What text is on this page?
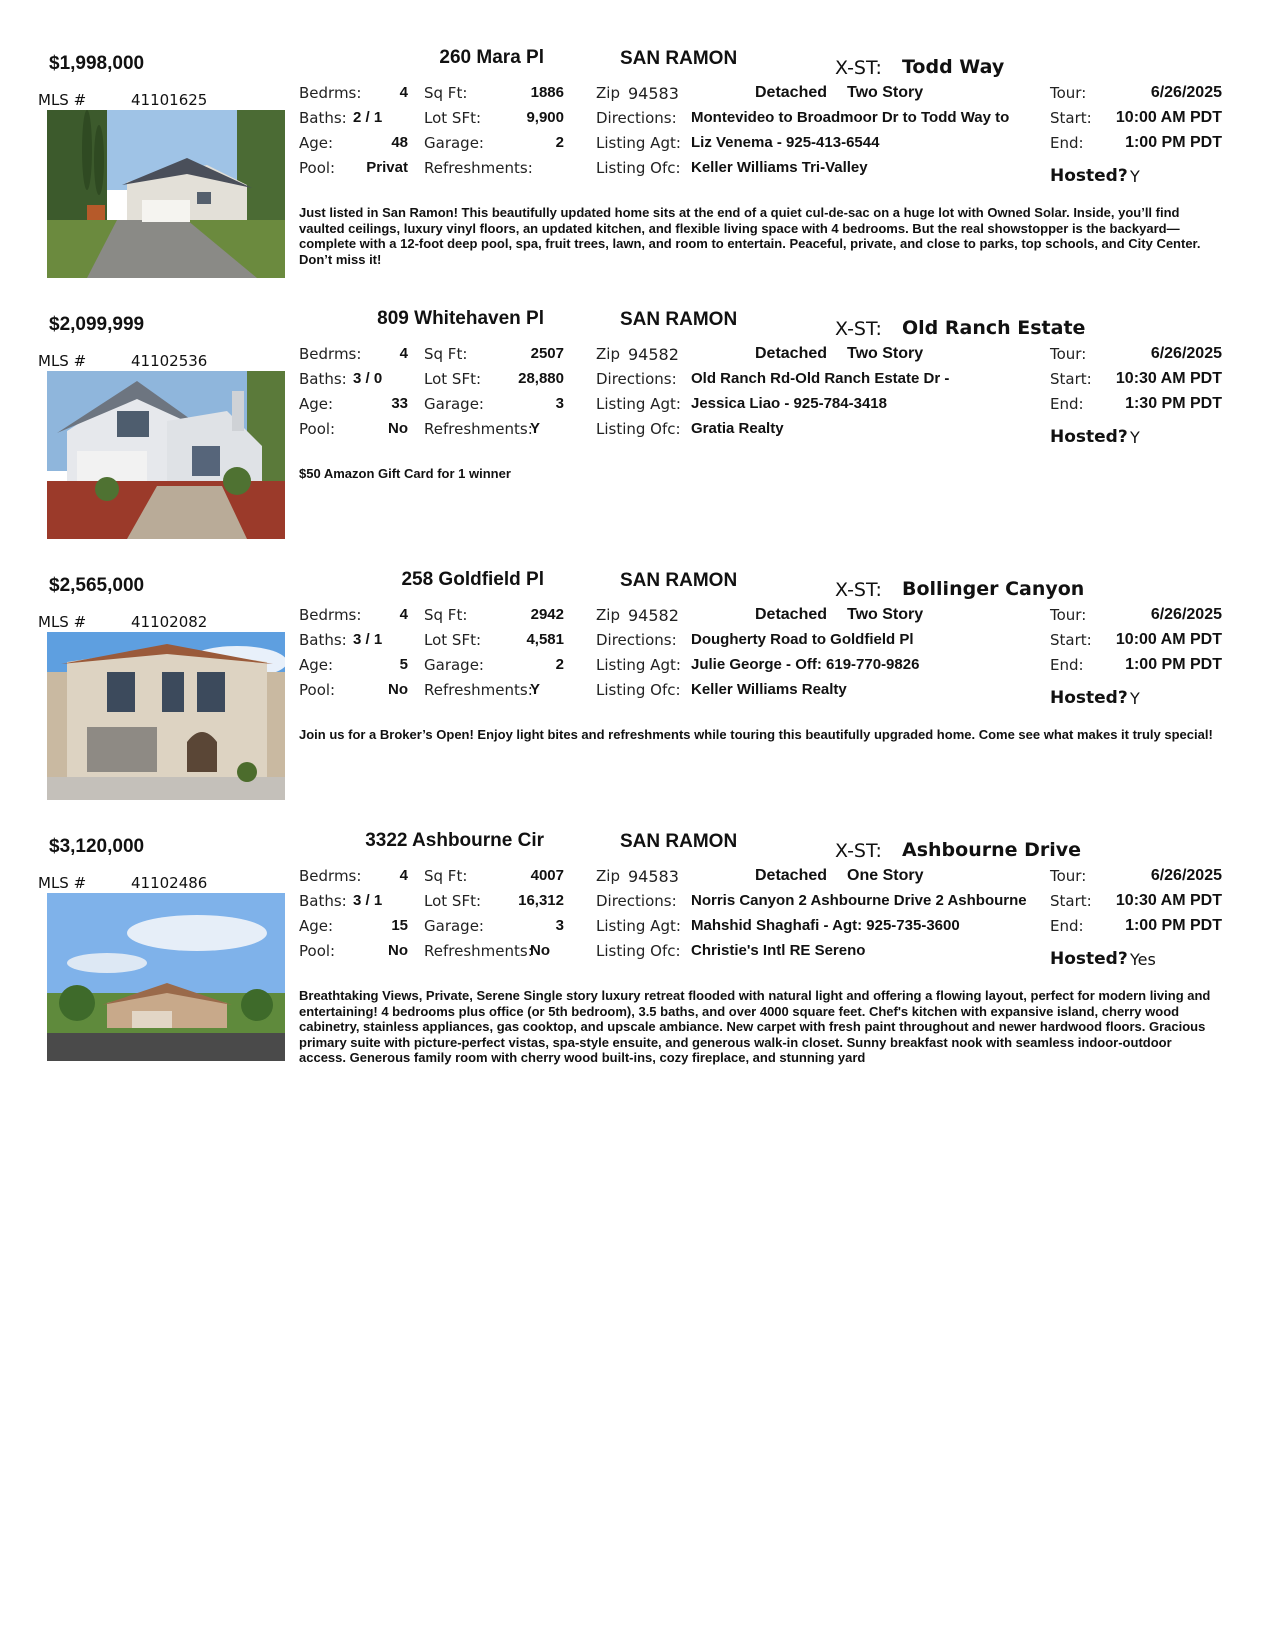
$1,998,000	260 Mara Pl	SAN RAMON	X-ST: Todd Way
MLS #	41101625	Bedrms:	4
Baths: 2 / 1
Age:	48
Pool:	Privat
Sq Ft:	1886
Lot SFt:	9,900
Garage:	2
Refreshments:
Zip 94583	Detached Two Story
Directions: Montevideo to Broadmoor Dr to Todd Way to
Listing Agt: Liz Venema - 925-413-6544
Listing Ofc: Keller Williams Tri-Valley
Tour:	6/26/2025
Start:	10:00 AM PDT
End:	1:00 PM PDT
Hosted? Y
Just listed in San Ramon! This beautifully updated home sits at the end of a quiet cul-de-sac on a huge lot with Owned Solar. Inside, you’ll find vaulted ceilings, luxury vinyl floors, an updated kitchen, and flexible living space with 4 bedrooms. But the real showstopper is the backyard—complete with a 12-foot deep pool, spa, fruit trees, lawn, and room to entertain. Peaceful, private, and close to parks, top schools, and City Center. Don’t miss it!
$2,099,999	809 Whitehaven Pl	SAN RAMON	X-ST: Old Ranch Estate
MLS #	41102536	Bedrms:	4
Baths: 3 / 0
Age:	33
Pool:	No
Sq Ft:	2507
Lot SFt:	28,880
Garage:	3
Refreshments:
Y
Zip 94582	Detached Two Story
Directions: Old Ranch Rd-Old Ranch Estate Dr -
Listing Agt: Jessica Liao - 925-784-3418
Listing Ofc: Gratia Realty
Tour:	6/26/2025
Start:	10:30 AM PDT
End:	1:30 PM PDT
Hosted? Y
$50 Amazon Gift Card for 1 winner
$2,565,000	258 Goldfield Pl	SAN RAMON	X-ST: Bollinger Canyon
MLS #	41102082	Bedrms:	4
Baths: 3 / 1
Age:	5
Pool:	No
Sq Ft:	2942
Lot SFt:	4,581
Garage:	2
Refreshments:
Y
Zip 94582	Detached Two Story
Directions: Dougherty Road to Goldfield Pl
Listing Agt: Julie George - Off: 619-770-9826
Listing Ofc: Keller Williams Realty
Tour:	6/26/2025
Start:	10:00 AM PDT
End:	1:00 PM PDT
Hosted? Y
Join us for a Broker’s Open! Enjoy light bites and refreshments while touring this beautifully upgraded home. Come see what makes it truly special!
$3,120,000	3322 Ashbourne Cir	SAN RAMON	X-ST: Ashbourne Drive
MLS #	41102486	Bedrms:	4
Baths: 3 / 1
Age:	15
Pool:	No
Sq Ft:	4007
Lot SFt:	16,312
Garage:	3
Refreshments:
No
Zip 94583	Detached One Story
Directions: Norris Canyon 2 Ashbourne Drive 2 Ashbourne
Listing Agt: Mahshid Shaghafi - Agt: 925-735-3600
Listing Ofc: Christie's Intl RE Sereno
Tour:	6/26/2025
Start:	10:30 AM PDT
End:	1:00 PM PDT
Hosted? Yes
Breathtaking Views, Private, Serene Single story luxury retreat flooded with natural light and offering a flowing layout, perfect for modern living and entertaining! 4 bedrooms plus office (or 5th bedroom), 3.5 baths, and over 4000 square feet. Chef's kitchen with expansive island, cherry wood cabinetry, stainless appliances, gas cooktop, and upscale ambiance. New carpet with fresh paint throughout and newer hardwood floors. Gracious primary suite with picture-perfect vistas, spa-style ensuite, and generous walk-in closet. Sunny breakfast nook with seamless indoor-outdoor access. Generous family room with cherry wood built-ins, cozy fireplace, and stunning yard
